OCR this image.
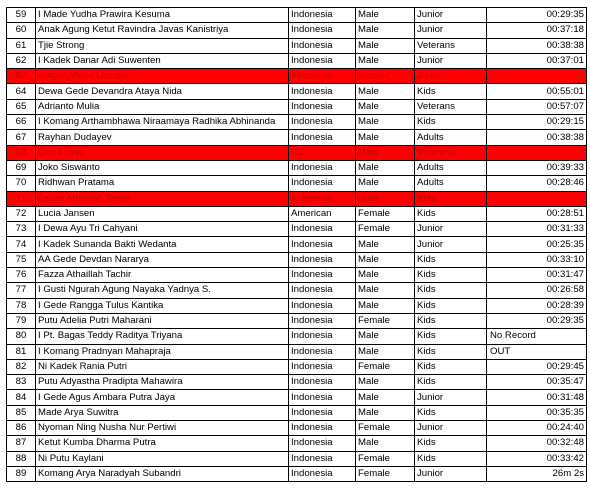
59	I Made Yudha Prawira Kesuma	Indonesia	Male	Junior	00:29:35
60	Anak Agung Ketut Ravindra Javas Kanistriya	Indonesia	Male	Junior	00:37:18
61	Tjie Strong	Indonesia	Male	Veterans	00:38:38
62	I Kadek Danar Adi Suwenten	Indonesia	Male	Junior	00:37:01
63	Abigail Marie Lodope	Indonesia	Female	Junior	
64	Dewa Gede Devandra Ataya Nida	Indonesia	Male	Kids	00:55:01
65	Adrianto Mulia	Indonesia	Male	Veterans	00:57:07
66	I Komang Arthambhawa Niraamaya Radhika Abhinanda	Indonesia	Male	Kids	00:29:15
67	Rayhan Dudayev	Indonesia	Male	Adults	00:38:38
68	Dan Florec	CZ	Male	Veterans	
69	Joko Siswanto	Indonesia	Male	Adults	00:39:33
70	Ridhwan Pratama	Indonesia	Male	Adults	00:28:46
71	Fazza Athaillah Tachir	Indonesia	Male	Kids	
72	Lucia Jansen	American	Female	Kids	00:28:51
73	I Dewa Ayu Tri Cahyani	Indonesia	Female	Junior	00:31:33
74	I Kadek Sunanda Bakti Wedanta	Indonesia	Male	Junior	00:25:35
75	AA Gede Devdan Nararya	Indonesia	Male	Kids	00:33:10
76	Fazza Athaillah Tachir	Indonesia	Male	Kids	00:31:47
77	I Gusti Ngurah Agung Nayaka Yadnya S.	Indonesia	Male	Kids	00:26:58
78	I Gede Rangga Tulus Kantika	Indonesia	Male	Kids	00:28:39
79	Putu Adelia Putri Maharani	Indonesia	Female	Kids	00:29:35
80	I Pt. Bagas Teddy Raditya Triyana	Indonesia	Male	Kids	No Record
81	I Komang Pradnyan Mahapraja	Indonesia	Male	Kids	OUT
82	Ni Kadek Rania Putri	Indonesia	Female	Kids	00:29:45
83	Putu Adyastha Pradipta Mahawira	Indonesia	Male	Kids	00:35:47
84	I Gede Agus Ambara Putra Jaya	Indonesia	Male	Junior	00:31:48
85	Made Arya Suwitra	Indonesia	Male	Kids	00:35:35
86	Nyoman Ning Nusha Nur Pertiwi	Indonesia	Female	Junior	00:24:40
87	Ketut Kumba Dharma Putra	Indonesia	Male	Kids	00:32:48
88	Ni Putu Kaylani	Indonesia	Female	Kids	00:33:42
89	Komang Arya Naradyah Subandri	Indonesia	Female	Junior	26m 2s
